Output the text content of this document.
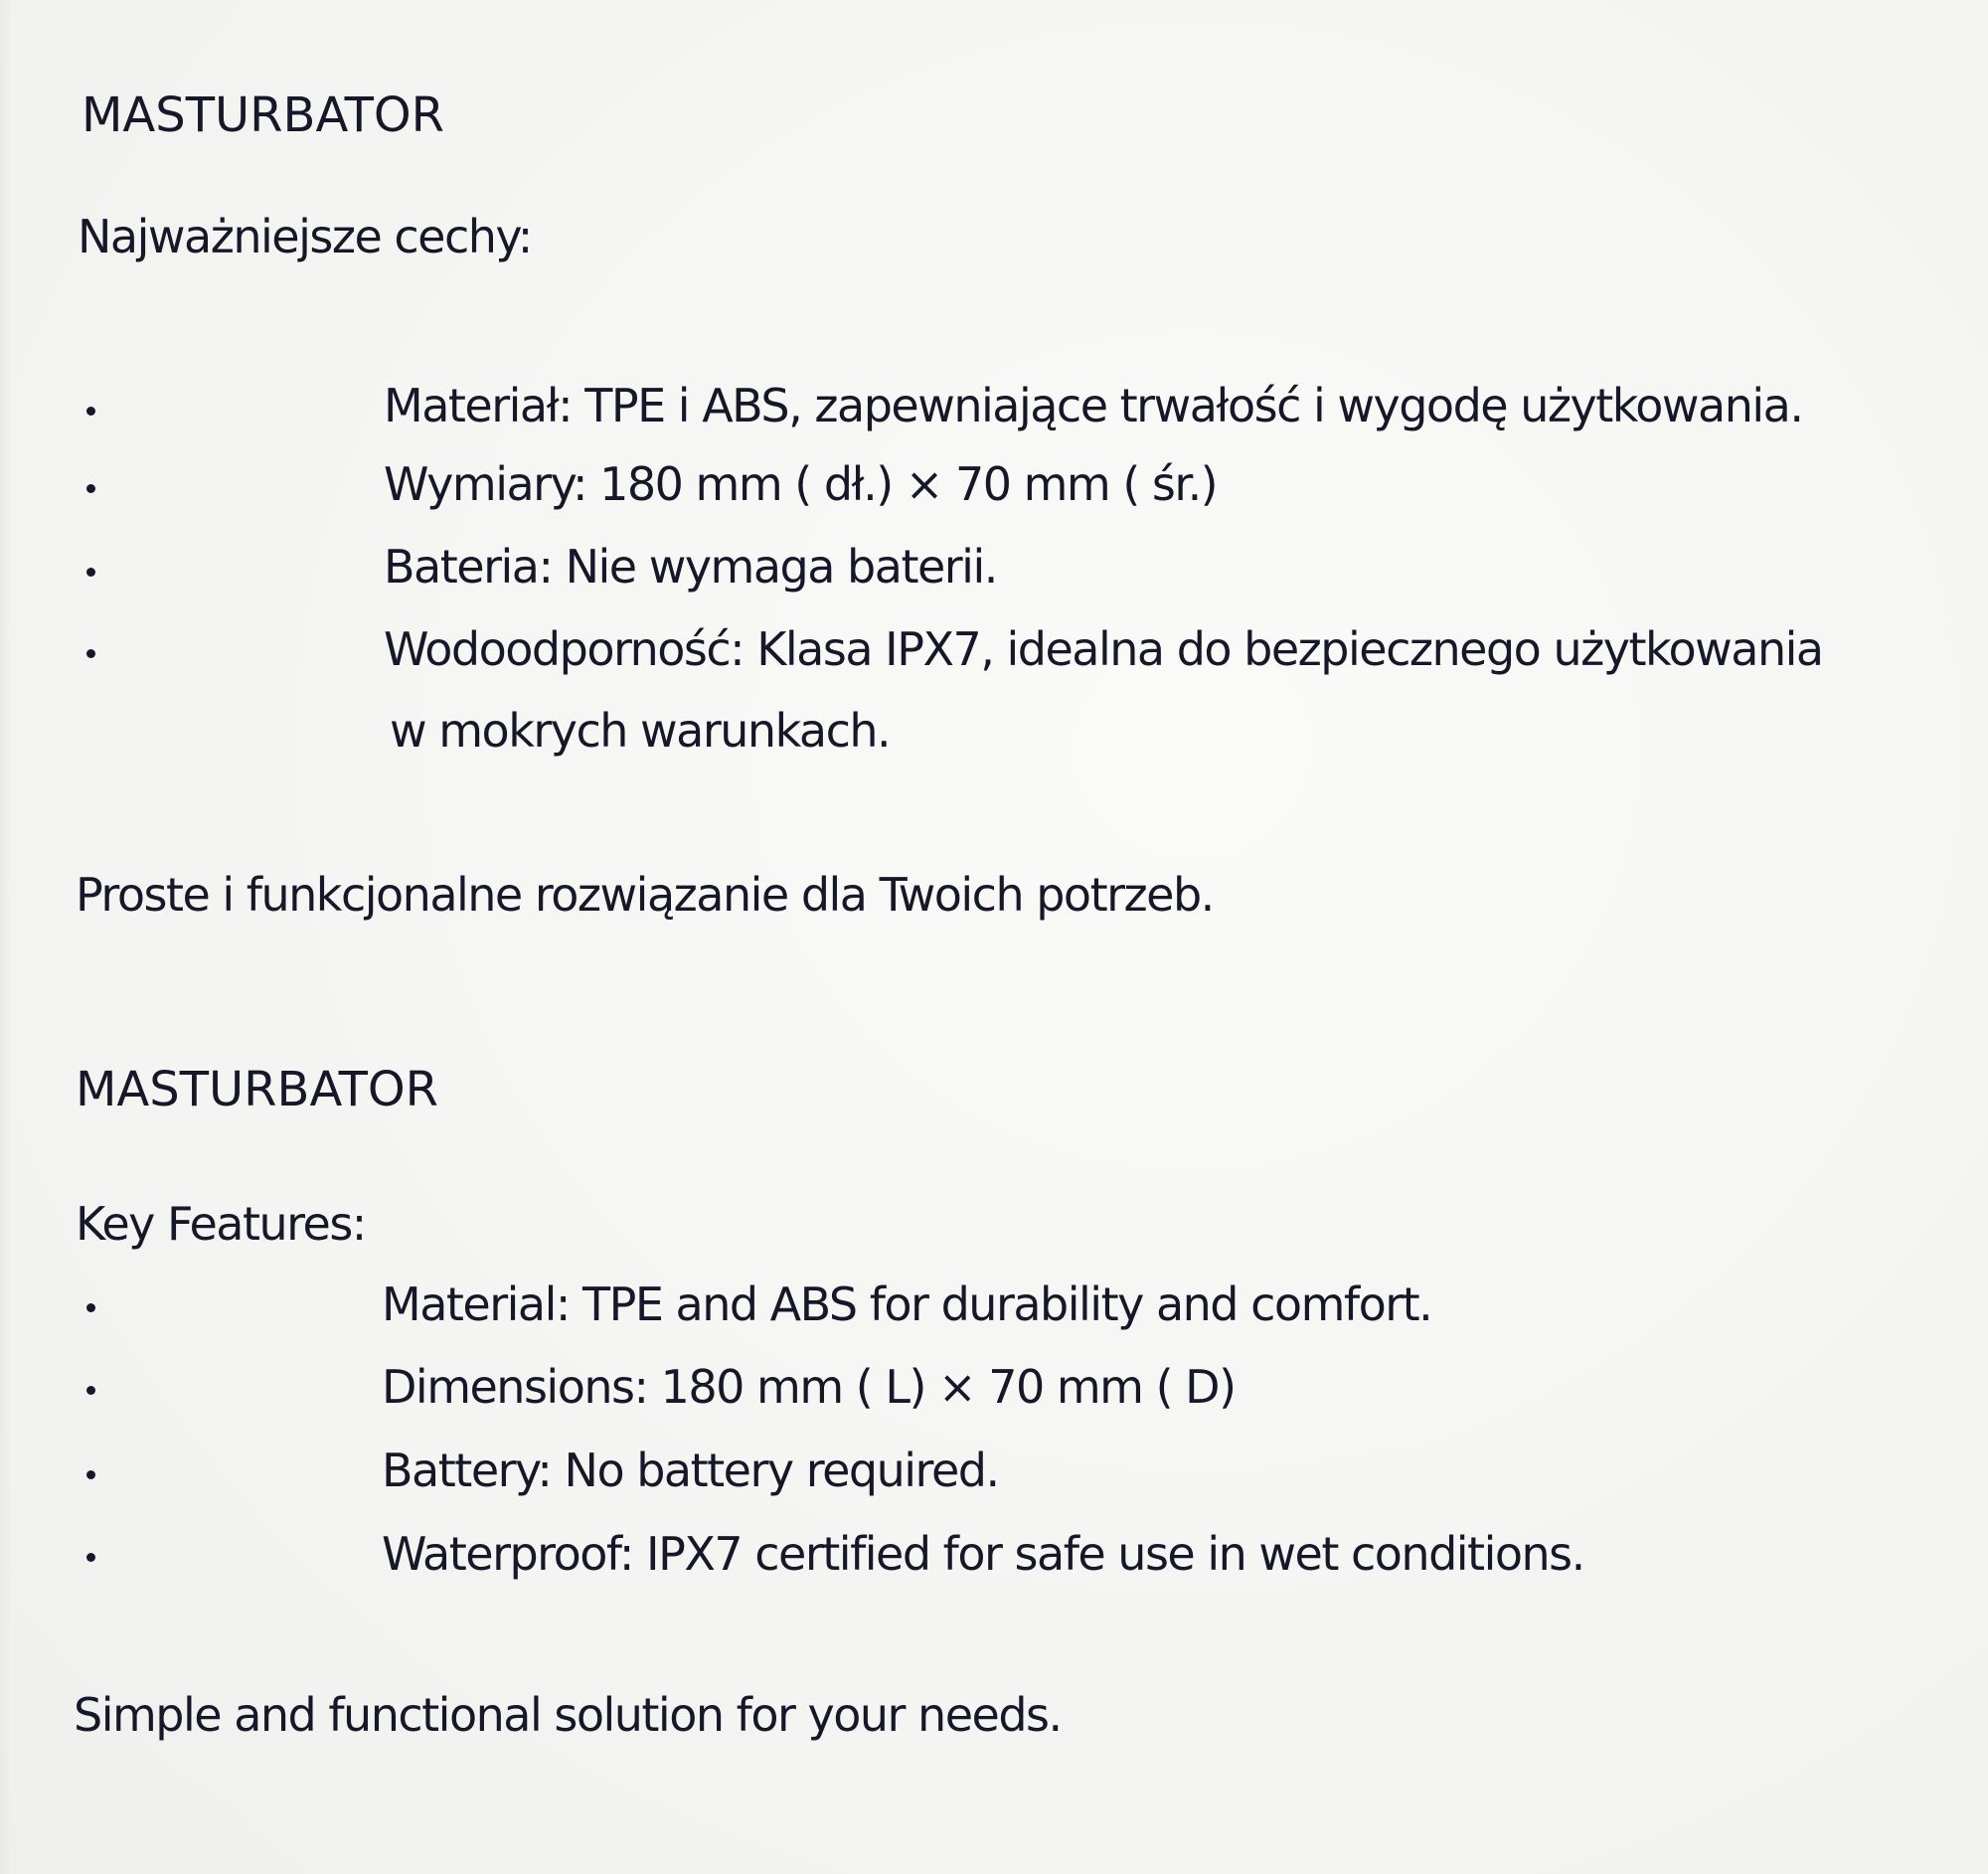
MASTURBATOR
Najważniejsze cechy:
Materiał: TPE i ABS, zapewniające trwałość i wygodę użytkowania.
Wymiary: 180 mm ( dł.) × 70 mm ( śr.)
Bateria: Nie wymaga baterii.
Wodoodporność: Klasa IPX7, idealna do bezpiecznego użytkowania
w mokrych warunkach.
Proste i funkcjonalne rozwiązanie dla Twoich potrzeb.
MASTURBATOR
Key Features:
Material: TPE and ABS for durability and comfort.
Dimensions: 180 mm ( L) × 70 mm ( D)
Battery: No battery required.
Waterproof: IPX7 certified for safe use in wet conditions.
Simple and functional solution for your needs.
